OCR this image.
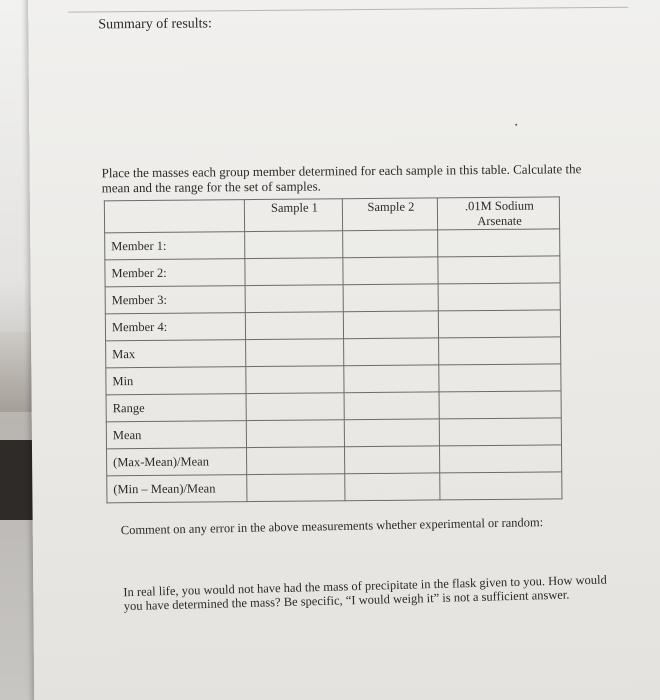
Summary of results:

Place the masses each group member determined for each sample in this table. Calculate the mean and the range for the set of samples.

	Sample 1	Sample 2	.01M Sodium Arsenate
Member 1:			
Member 2:			
Member 3:			
Member 4:			
Max			
Min			
Range			
Mean			
(Max-Mean)/Mean			
(Min – Mean)/Mean			

Comment on any error in the above measurements whether experimental or random:

In real life, you would not have had the mass of precipitate in the flask given to you. How would you have determined the mass? Be specific, “I would weigh it” is not a sufficient answer.
